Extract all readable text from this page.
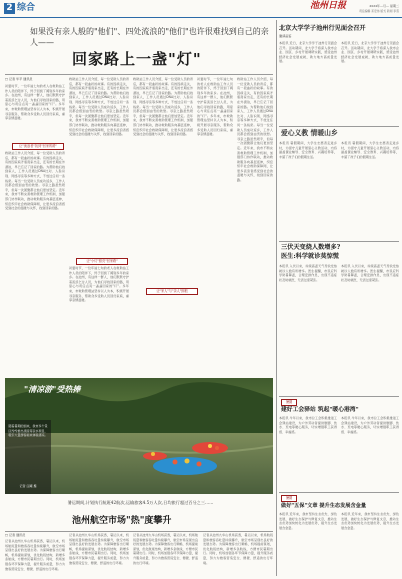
2 综合	池州日报	2024年—月— 星期二
责任编辑 邓宏伟 版式 新闻 李晋
如果没有亲人般的"他们"、四处流浪的"他们"也许很难找到自己的亲人——
回家路上一盏"灯"
□ 记者 毕平 通讯员
初夏时节，一位年逾七旬的老人在救助站工作人员的陪伴下，终于回到了阔别多年的家乡。在池州，有这样一群人，他们默默守护着流浪乞讨人员，为他们寻找回家的路，用爱心与责任点亮一盏盏回家的"灯"。多年来，市救助管理站坚持以人为本，积极开展寻亲服务，帮助众多受助人员回归家庭，重享亲情温暖。
让"流浪者"找到"回家的路"
救助站工作人员介绍，每一位受助人员的背后，都有一段曲折的故事。有的因病走失，有的因家庭矛盾离家出走，还有的长期在外漂泊，早已忘记了回家的路。为帮助他们找到家人，工作人员通过DNA比对、人脸识别、网络寻亲等多种方式，不放过任何一条线索。每当一位受助人员成功返乡，工作人员都会感到由衷的欣慰。寻亲之路虽然艰辛，但每一次团聚都让他们更加坚定。近年来，我市不断完善救助管理工作机制，加强部门协作联动，推动救助服务向基层延伸，织密织牢社会救助保障网，让更多流浪者感受到社会的温暖与关怀，找到回家的路。
救助站工作人员介绍，每一位受助人员的背后，都有一段曲折的故事。有的因病走失，有的因家庭矛盾离家出走，还有的长期在外漂泊，早已忘记了回家的路。为帮助他们找到家人，工作人员通过DNA比对、人脸识别、网络寻亲等多种方式，不放过任何一条线索。每当一位受助人员成功返乡，工作人员都会感到由衷的欣慰。寻亲之路虽然艰辛，但每一次团聚都让他们更加坚定。近年来，我市不断完善救助管理工作机制，加强部门协作联动，推动救助服务向基层延伸，织密织牢社会救助保障网，让更多流浪者感受到社会的温暖与关怀，找到回家的路。
让"小灯"照亮"回家路"
初夏时节，一位年逾七旬的老人在救助站工作人员的陪伴下，终于回到了阔别多年的家乡。在池州，有这样一群人，他们默默守护着流浪乞讨人员，为他们寻找回家的路，用爱心与责任点亮一盏盏回家的"灯"。多年来，市救助管理站坚持以人为本，积极开展寻亲服务，帮助众多受助人员回归家庭，重享亲情温暖。
救助站工作人员介绍，每一位受助人员的背后，都有一段曲折的故事。有的因病走失，有的因家庭矛盾离家出走，还有的长期在外漂泊，早已忘记了回家的路。为帮助他们找到家人，工作人员通过DNA比对、人脸识别、网络寻亲等多种方式，不放过任何一条线索。每当一位受助人员成功返乡，工作人员都会感到由衷的欣慰。寻亲之路虽然艰辛，但每一次团聚都让他们更加坚定。近年来，我市不断完善救助管理工作机制，加强部门协作联动，推动救助服务向基层延伸，织密织牢社会救助保障网，让更多流浪者感受到社会的温暖与关怀，找到回家的路。
初夏时节，一位年逾七旬的老人在救助站工作人员的陪伴下，终于回到了阔别多年的家乡。在池州，有这样一群人，他们默默守护着流浪乞讨人员，为他们寻找回家的路，用爱心与责任点亮一盏盏回家的"灯"。多年来，市救助管理站坚持以人为本，积极开展寻亲服务，帮助众多受助人员回归家庭，重享亲情温暖。
让"家人"与"亲人"拥抱
救助站工作人员介绍，每一位受助人员的背后，都有一段曲折的故事。有的因病走失，有的因家庭矛盾离家出走，还有的长期在外漂泊，早已忘记了回家的路。为帮助他们找到家人，工作人员通过DNA比对、人脸识别、网络寻亲等多种方式，不放过任何一条线索。每当一位受助人员成功返乡，工作人员都会感到由衷的欣慰。寻亲之路虽然艰辛，但每一次团聚都让他们更加坚定。近年来，我市不断完善救助管理工作机制，加强部门协作联动，推动救助服务向基层延伸，织密织牢社会救助保障网，让更多流浪者感受到社会的温暖与关怀，找到回家的路。
"清凉游"受热捧
随着暑期的到来，我市多个景区纷纷推出漂流等亲水项目，吸引大量游客前来体验清凉。
记者 汪曦 摄
暑运期间,计划执行航班42航次,运输旅客4.5万人次,日均旅行超过百分之三……
池州航空市场"热"度攀升
□ 记者 通讯员
记者从池州九华山机场获悉，暑运以来，机场航班量和旅客吞吐量持续攀升，航空市场呈现出良好的发展态势。为保障旅客出行顺畅，机场提前谋划，优化航班结构，新增多条航线，方便市民暑期出行。同时，机场加强各环节保障力量，提升服务质量，努力为旅客营造安全、便捷、舒适的出行环境。
记者从池州九华山机场获悉，暑运以来，机场航班量和旅客吞吐量持续攀升，航空市场呈现出良好的发展态势。为保障旅客出行顺畅，机场提前谋划，优化航班结构，新增多条航线，方便市民暑期出行。同时，机场加强各环节保障力量，提升服务质量，努力为旅客营造安全、便捷、舒适的出行环境。
记者从池州九华山机场获悉，暑运以来，机场航班量和旅客吞吐量持续攀升，航空市场呈现出良好的发展态势。为保障旅客出行顺畅，机场提前谋划，优化航班结构，新增多条航线，方便市民暑期出行。同时，机场加强各环节保障力量，提升服务质量，努力为旅客营造安全、便捷、舒适的出行环境。
记者从池州九华山机场获悉，暑运以来，机场航班量和旅客吞吐量持续攀升，航空市场呈现出良好的发展态势。为保障旅客出行顺畅，机场提前谋划，优化航班结构，新增多条航线，方便市民暑期出行。同时，机场加强各环节保障力量，提升服务质量，努力为旅客营造安全、便捷、舒适的出行环境。
北京大学学子池州行见面会召开
邀请品鉴
本报讯 近日，北京大学学子池州行见面会召开。活动期间，北大学子将深入我市企业、园区、乡村开展调研实践，感受池州经济社会发展成就，助力地方高质量发展。
本报讯 近日，北京大学学子池州行见面会召开。活动期间，北大学子将深入我市企业、园区、乡村开展调研实践，感受池州经济社会发展成就，助力地方高质量发展。
爱心义教 情暖山乡
本报讯 暑假期间，大学生志愿者走进乡村，为留守儿童开展爱心义教活动，内容涵盖课业辅导、安全教育、兴趣培养等，丰富了孩子们的假期生活。
本报讯 暑假期间，大学生志愿者走进乡村，为留守儿童开展爱心义教活动，内容涵盖课业辅导、安全教育、兴趣培养等，丰富了孩子们的假期生活。
三伏天变烧人数增多?
医生:科学就诊莫惊慌
本报讯 入伏以来，持续高温天气导致发热就诊人数有所增多。医生提醒，市民应科学防暑降温，合理安排作息，出现不适症状及时就医，无需过度紧张。
本报讯 入伏以来，持续高温天气导致发热就诊人数有所增多。医生提醒，市民应科学防暑降温，合理安排作息，出现不适症状及时就医，无需过度紧张。
暑期
建好工会驿站 筑起"暖心港湾"
本报讯 今年以来，我市总工会积极推进工会驿站建设，为户外劳动者提供歇脚、饮水、充电等暖心服务，切实增强职工获得感、幸福感。
本报讯 今年以来，我市总工会积极推进工会驿站建设，为户外劳动者提供歇脚、饮水、充电等暖心服务，切实增强职工获得感、幸福感。
暑期
做好"五保"文章 提升生态发展含金量
本报讯 近年来，我市坚持生态优先、绿色发展，做好生态保护与修复文章，推动生态优势加快转化为发展优势，提升生态发展含金量。
本报讯 近年来，我市坚持生态优先、绿色发展，做好生态保护与修复文章，推动生态优势加快转化为发展优势，提升生态发展含金量。
